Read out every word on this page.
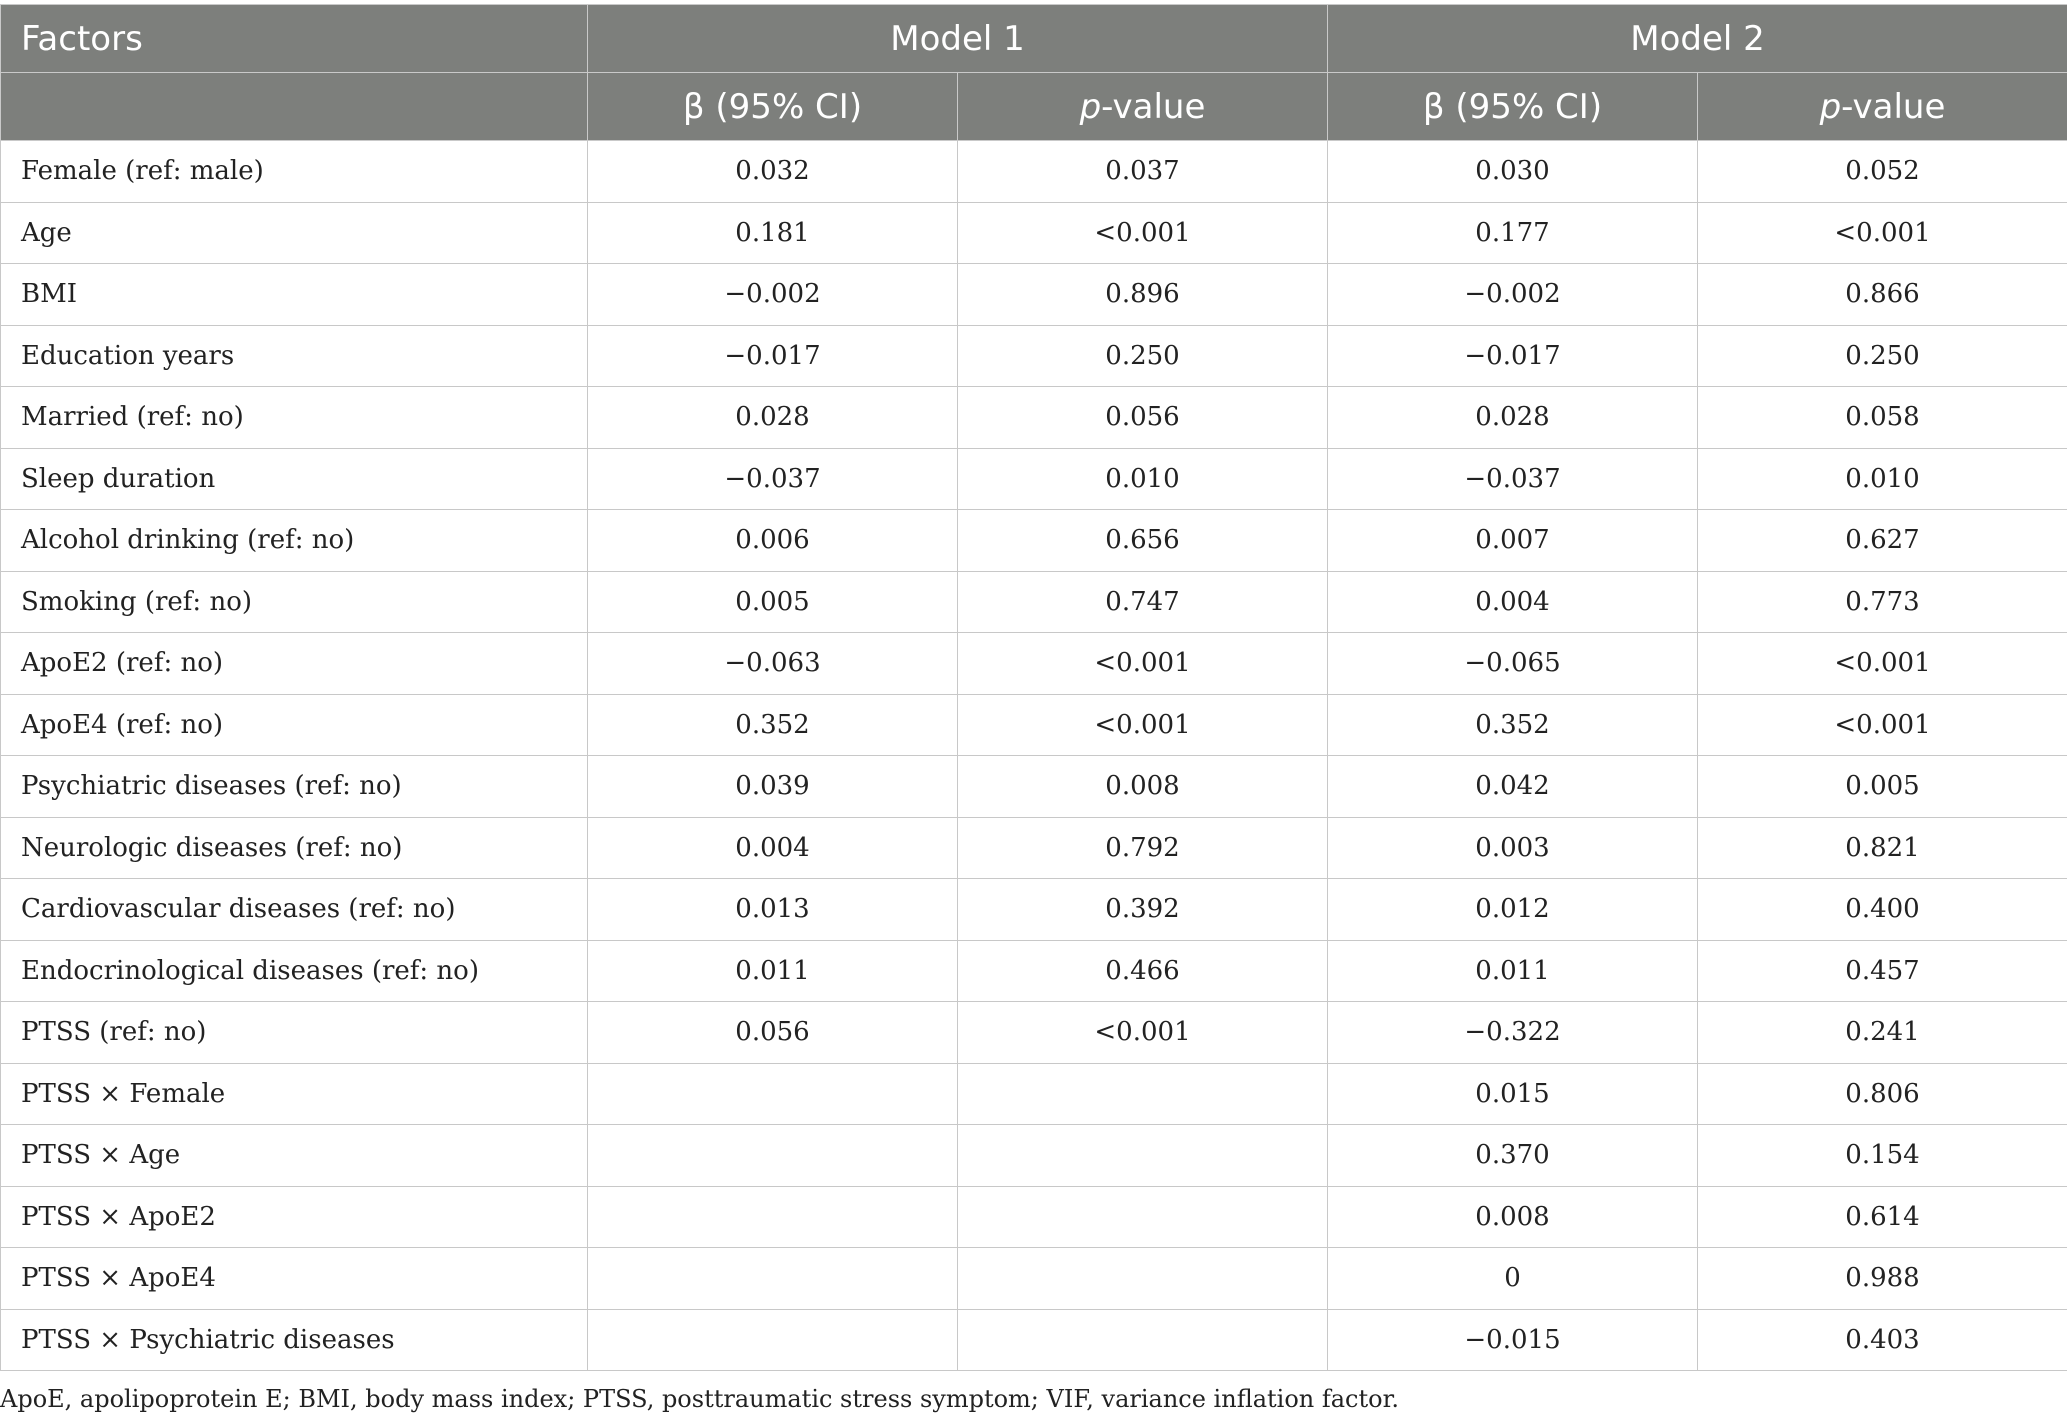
Factors	Model 1		Model 2	
	β (95% CI)	p-value	β (95% CI)	p-value
Female (ref: male)	0.032	0.037	0.030	0.052
Age	0.181	<0.001	0.177	<0.001
BMI	−0.002	0.896	−0.002	0.866
Education years	−0.017	0.250	−0.017	0.250
Married (ref: no)	0.028	0.056	0.028	0.058
Sleep duration	−0.037	0.010	−0.037	0.010
Alcohol drinking (ref: no)	0.006	0.656	0.007	0.627
Smoking (ref: no)	0.005	0.747	0.004	0.773
ApoE2 (ref: no)	−0.063	<0.001	−0.065	<0.001
ApoE4 (ref: no)	0.352	<0.001	0.352	<0.001
Psychiatric diseases (ref: no)	0.039	0.008	0.042	0.005
Neurologic diseases (ref: no)	0.004	0.792	0.003	0.821
Cardiovascular diseases (ref: no)	0.013	0.392	0.012	0.400
Endocrinological diseases (ref: no)	0.011	0.466	0.011	0.457
PTSS (ref: no)	0.056	<0.001	−0.322	0.241
PTSS × Female			0.015	0.806
PTSS × Age			0.370	0.154
PTSS × ApoE2			0.008	0.614
PTSS × ApoE4			0	0.988
PTSS × Psychiatric diseases			−0.015	0.403
ApoE, apolipoprotein E; BMI, body mass index; PTSS, posttraumatic stress symptom; VIF, variance inflation factor.
